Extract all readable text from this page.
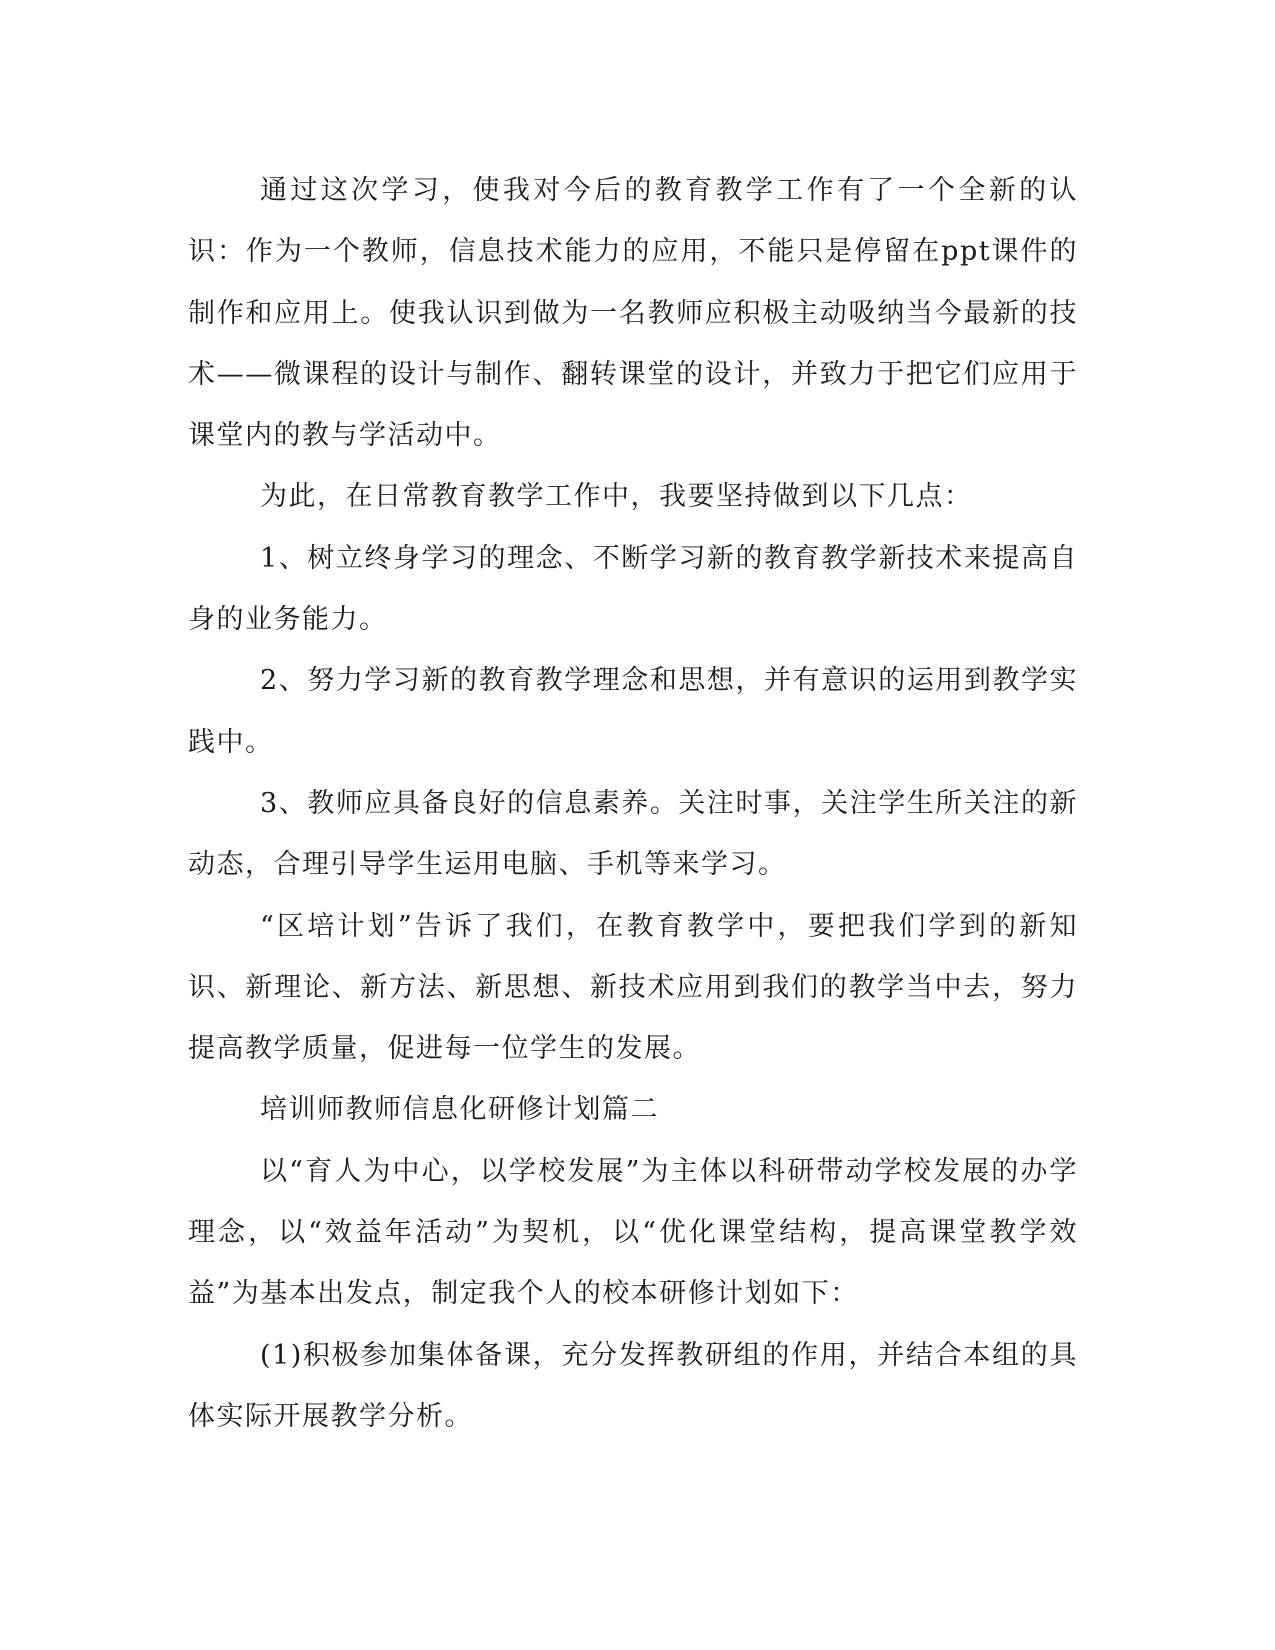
通过这次学习，使我对今后的教育教学工作有了一个全新的认识：作为一个教师，信息技术能力的应用，不能只是停留在ppt课件的制作和应用上。使我认识到做为一名教师应积极主动吸纳当今最新的技术——微课程的设计与制作、翻转课堂的设计，并致力于把它们应用于课堂内的教与学活动中。

为此，在日常教育教学工作中，我要坚持做到以下几点：

1、树立终身学习的理念、不断学习新的教育教学新技术来提高自身的业务能力。

2、努力学习新的教育教学理念和思想，并有意识的运用到教学实践中。

3、教师应具备良好的信息素养。关注时事，关注学生所关注的新动态，合理引导学生运用电脑、手机等来学习。

“区培计划”告诉了我们，在教育教学中，要把我们学到的新知识、新理论、新方法、新思想、新技术应用到我们的教学当中去，努力提高教学质量，促进每一位学生的发展。

培训师教师信息化研修计划篇二

以“育人为中心，以学校发展”为主体以科研带动学校发展的办学理念，以“效益年活动”为契机，以“优化课堂结构，提高课堂教学效益”为基本出发点，制定我个人的校本研修计划如下：

(1)积极参加集体备课，充分发挥教研组的作用，并结合本组的具体实际开展教学分析。
